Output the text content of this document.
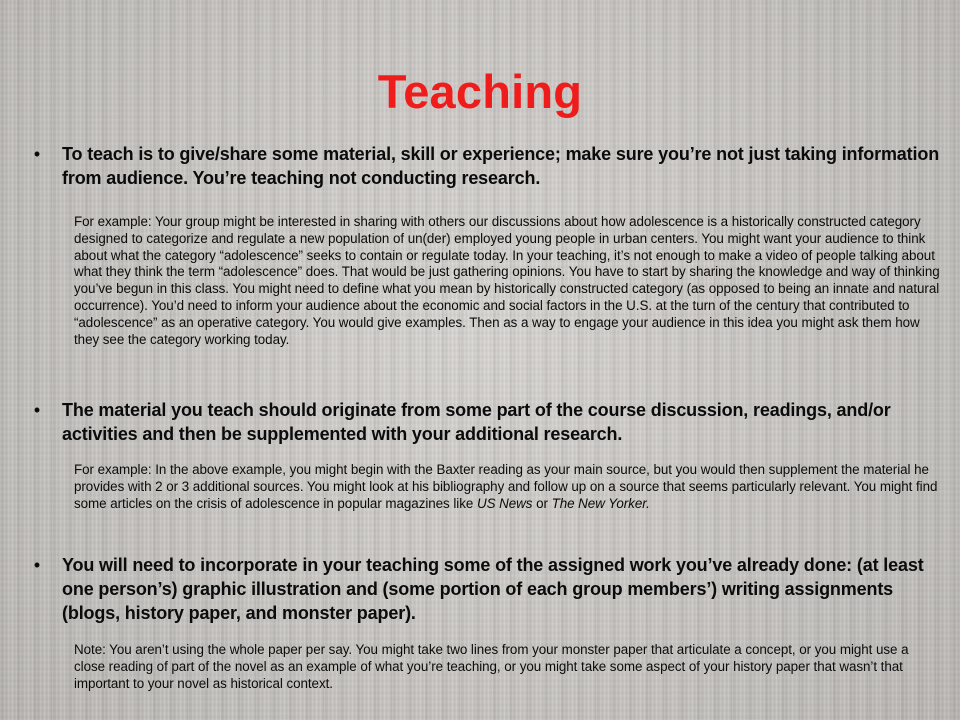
Teaching
• To teach is to give/share some material, skill or experience; make sure you’re not just taking information from audience. You’re teaching not conducting research.
For example: Your group might be interested in sharing with others our discussions about how adolescence is a historically constructed category designed to categorize and regulate a new population of un(der) employed young people in urban centers. You might want your audience to think about what the category “adolescence” seeks to contain or regulate today. In your teaching, it’s not enough to make a video of people talking about what they think the term “adolescence” does. That would be just gathering opinions. You have to start by sharing the knowledge and way of thinking you’ve begun in this class. You might need to define what you mean by historically constructed category (as opposed to being an innate and natural occurrence). You’d need to inform your audience about the economic and social factors in the U.S. at the turn of the century that contributed to “adolescence” as an operative category. You would give examples. Then as a way to engage your audience in this idea you might ask them how they see the category working today.
• The material you teach should originate from some part of the course discussion, readings, and/or activities and then be supplemented with your additional research.
For example: In the above example, you might begin with the Baxter reading as your main source, but you would then supplement the material he provides with 2 or 3 additional sources. You might look at his bibliography and follow up on a source that seems particularly relevant. You might find some articles on the crisis of adolescence in popular magazines like US News or The New Yorker.
• You will need to incorporate in your teaching some of the assigned work you’ve already done: (at least one person’s) graphic illustration and (some portion of each group members’) writing assignments (blogs, history paper, and monster paper).
Note: You aren’t using the whole paper per say. You might take two lines from your monster paper that articulate a concept, or you might use a close reading of part of the novel as an example of what you’re teaching, or you might take some aspect of your history paper that wasn’t that important to your novel as historical context.
